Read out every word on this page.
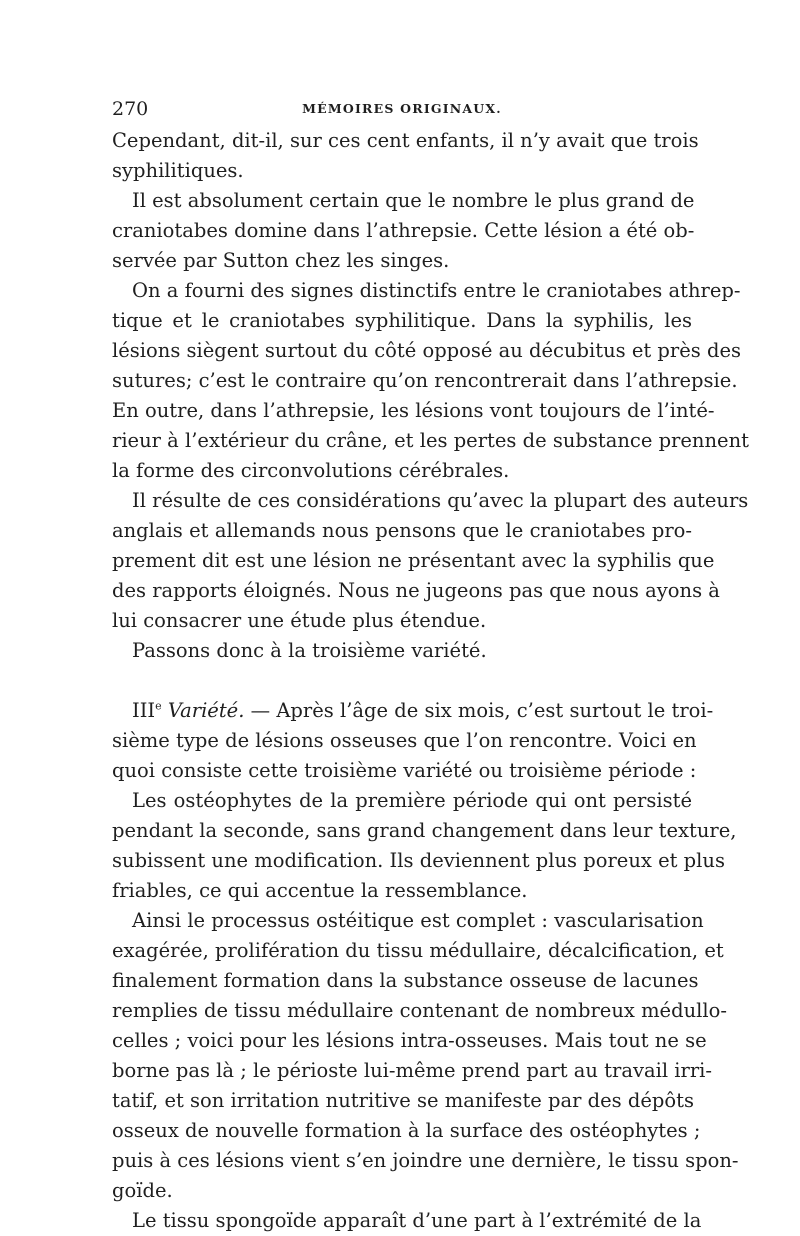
270	MÉMOIRES ORIGINAUX.
Cependant, dit-il, sur ces cent enfants, il n’y avait que trois
syphilitiques.
Il est absolument certain que le nombre le plus grand de
craniotabes domine dans l’athrepsie. Cette lésion a été ob-
servée par Sutton chez les singes.
On a fourni des signes distinctifs entre le craniotabes athrep-
tique et le craniotabes syphilitique. Dans la syphilis, les
lésions siègent surtout du côté opposé au décubitus et près des
sutures; c’est le contraire qu’on rencontrerait dans l’athrepsie.
En outre, dans l’athrepsie, les lésions vont toujours de l’inté-
rieur à l’extérieur du crâne, et les pertes de substance prennent
la forme des circonvolutions cérébrales.
Il résulte de ces considérations qu’avec la plupart des auteurs
anglais et allemands nous pensons que le craniotabes pro-
prement dit est une lésion ne présentant avec la syphilis que
des rapports éloignés. Nous ne jugeons pas que nous ayons à
lui consacrer une étude plus étendue.
Passons donc à la troisième variété.
IIIe Variété. — Après l’âge de six mois, c’est surtout le troi-
sième type de lésions osseuses que l’on rencontre. Voici en
quoi consiste cette troisième variété ou troisième période :
Les ostéophytes de la première période qui ont persisté
pendant la seconde, sans grand changement dans leur texture,
subissent une modification. Ils deviennent plus poreux et plus
friables, ce qui accentue la ressemblance.
Ainsi le processus ostéitique est complet : vascularisation
exagérée, prolifération du tissu médullaire, décalcification, et
finalement formation dans la substance osseuse de lacunes
remplies de tissu médullaire contenant de nombreux médullo-
celles ; voici pour les lésions intra-osseuses. Mais tout ne se
borne pas là ; le périoste lui-même prend part au travail irri-
tatif, et son irritation nutritive se manifeste par des dépôts
osseux de nouvelle formation à la surface des ostéophytes ;
puis à ces lésions vient s’en joindre une dernière, le tissu spon-
goïde.
Le tissu spongoïde apparaît d’une part à l’extrémité de la
